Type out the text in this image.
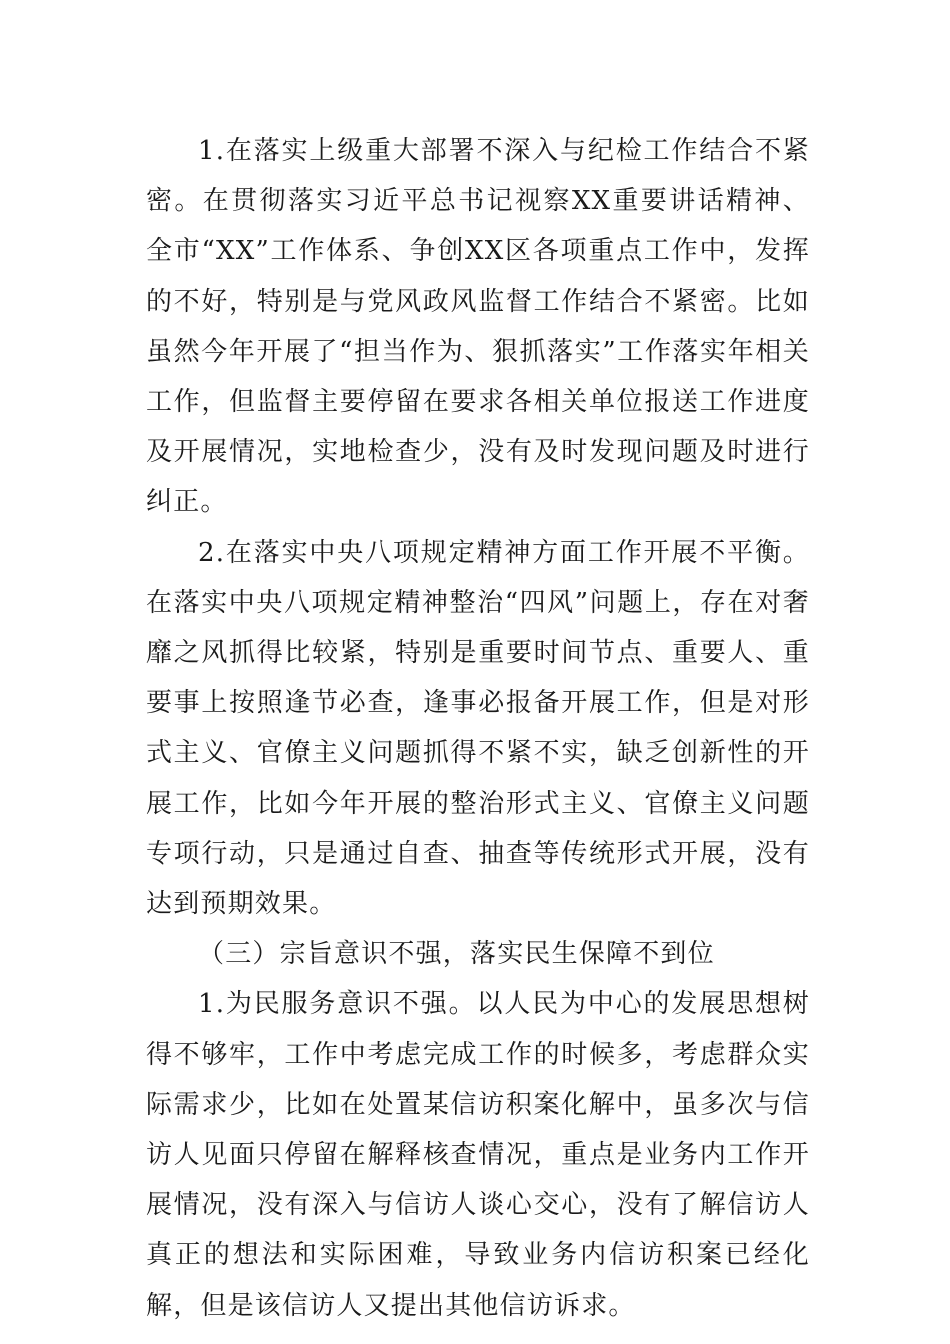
1.在落实上级重大部署不深入与纪检工作结合不紧密。在贯彻落实习近平总书记视察XX重要讲话精神、全市“XX”工作体系、争创XX区各项重点工作中，发挥的不好，特别是与党风政风监督工作结合不紧密。比如虽然今年开展了“担当作为、狠抓落实”工作落实年相关工作，但监督主要停留在要求各相关单位报送工作进度及开展情况，实地检查少，没有及时发现问题及时进行纠正。

2.在落实中央八项规定精神方面工作开展不平衡。在落实中央八项规定精神整治“四风”问题上，存在对奢靡之风抓得比较紧，特别是重要时间节点、重要人、重要事上按照逢节必查，逢事必报备开展工作，但是对形式主义、官僚主义问题抓得不紧不实，缺乏创新性的开展工作，比如今年开展的整治形式主义、官僚主义问题专项行动，只是通过自查、抽查等传统形式开展，没有达到预期效果。

（三）宗旨意识不强，落实民生保障不到位

1.为民服务意识不强。以人民为中心的发展思想树得不够牢，工作中考虑完成工作的时候多，考虑群众实际需求少，比如在处置某信访积案化解中，虽多次与信访人见面只停留在解释核查情况，重点是业务内工作开展情况，没有深入与信访人谈心交心，没有了解信访人真正的想法和实际困难，导致业务内信访积案已经化解，但是该信访人又提出其他信访诉求。
